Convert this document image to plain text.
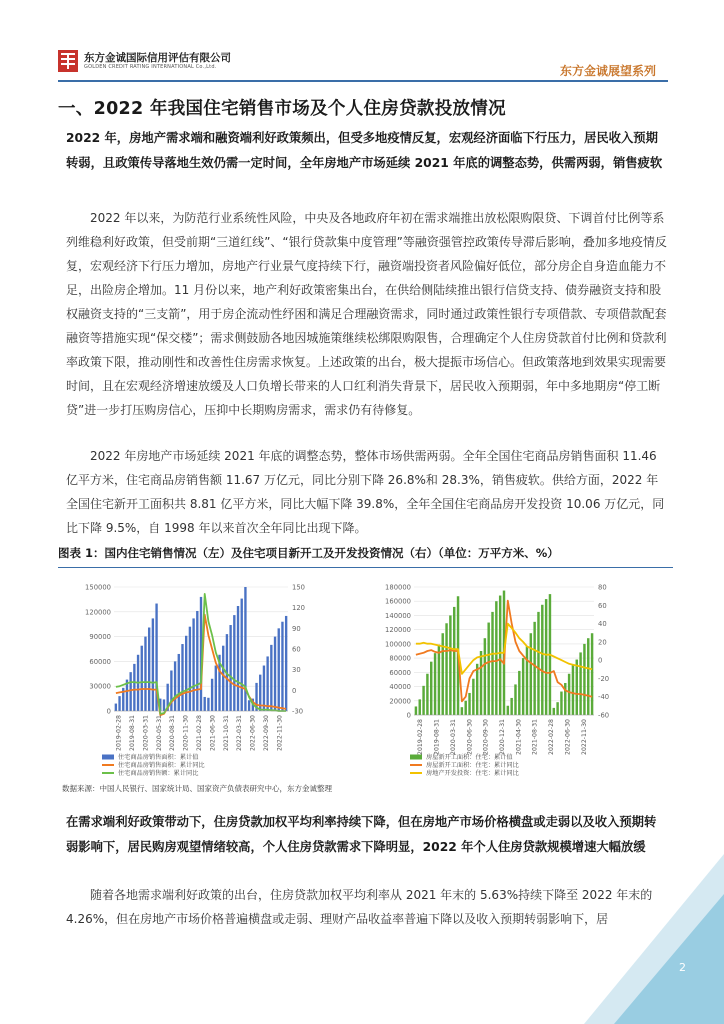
东方金诚国际信用评估有限公司
GOLDEN CREDIT RATING INTERNATIONAL Co.,Ltd.	东方金诚展望系列
一、2022 年我国住宅销售市场及个人住房贷款投放情况
2022 年，房地产需求端和融资端利好政策频出，但受多地疫情反复，宏观经济面临下行压力，居民收入预期转弱，且政策传导落地生效仍需一定时间，全年房地产市场延续 2021 年底的调整态势，供需两弱，销售疲软
2022 年以来，为防范行业系统性风险，中央及各地政府年初在需求端推出放松限购限贷、下调首付比例等系列维稳利好政策，但受前期“三道红线”、“银行贷款集中度管理”等融资强管控政策传导滞后影响，叠加多地疫情反复，宏观经济下行压力增加，房地产行业景气度持续下行，融资端投资者风险偏好低位，部分房企自身造血能力不足，出险房企增加。11 月份以来，地产利好政策密集出台，在供给侧陆续推出银行信贷支持、债券融资支持和股权融资支持的“三支箭”，用于房企流动性纾困和满足合理融资需求，同时通过政策性银行专项借款、专项借款配套融资等措施实现“保交楼”；需求侧鼓励各地因城施策继续松绑限购限售，合理确定个人住房贷款首付比例和贷款利率政策下限，推动刚性和改善性住房需求恢复。上述政策的出台，极大提振市场信心。但政策落地到效果实现需要时间，且在宏观经济增速放缓及人口负增长带来的人口红利消失背景下，居民收入预期弱，年中多地期房“停工断贷”进一步打压购房信心，压抑中长期购房需求，需求仍有待修复。
2022 年房地产市场延续 2021 年底的调整态势，整体市场供需两弱。全年全国住宅商品房销售面积 11.46 亿平方米，住宅商品房销售额 11.67 万亿元，同比分别下降 26.8%和 28.3%，销售疲软。供给方面，2022 年全国住宅新开工面积共 8.81 亿平方米，同比大幅下降 39.8%，全年全国住宅商品房开发投资 10.06 万亿元，同比下降 9.5%，自 1998 年以来首次全年同比出现下降。
图表 1：国内住宅销售情况（左）及住宅项目新开工及开发投资情况（右）（单位：万平方米、%）
0
30000
60000
90000
120000
150000
-30
0
30
60
90
120
150
2019-02-28 2019-08-31 2020-03-31 2020-05-31 2020-08-31 2020-11-30 2021-02-28 2021-06-30 2021-10-31 2022-03-31 2022-06-30 2022-09-30 2022-11-30
住宅商品房销售面积：累计值
住宅商品房销售面积：累计同比
住宅商品房销售额：累计同比
0
20000
40000
60000
80000
100000
120000
140000
160000
180000
-60
-40
-20
0
20
40
60
80
2019-02-28 2019-08-31 2020-03-31 2020-06-30 2020-09-30 2020-12-31 2021-04-30 2021-08-31 2022-02-28 2022-06-30 2022-11-30
房屋新开工面积：住宅：累计值
房屋新开工面积：住宅：累计同比
房地产开发投资：住宅：累计同比
数据来源：中国人民银行、国家统计局、国家资产负债表研究中心，东方金诚整理
在需求端利好政策带动下，住房贷款加权平均利率持续下降，但在房地产市场价格横盘或走弱以及收入预期转弱影响下，居民购房观望情绪较高，个人住房贷款需求下降明显，2022 年个人住房贷款规模增速大幅放缓
随着各地需求端利好政策的出台，住房贷款加权平均利率从 2021 年末的 5.63%持续下降至 2022 年末的 4.26%，但在房地产市场价格普遍横盘或走弱、理财产品收益率普遍下降以及收入预期转弱影响下，居
2
